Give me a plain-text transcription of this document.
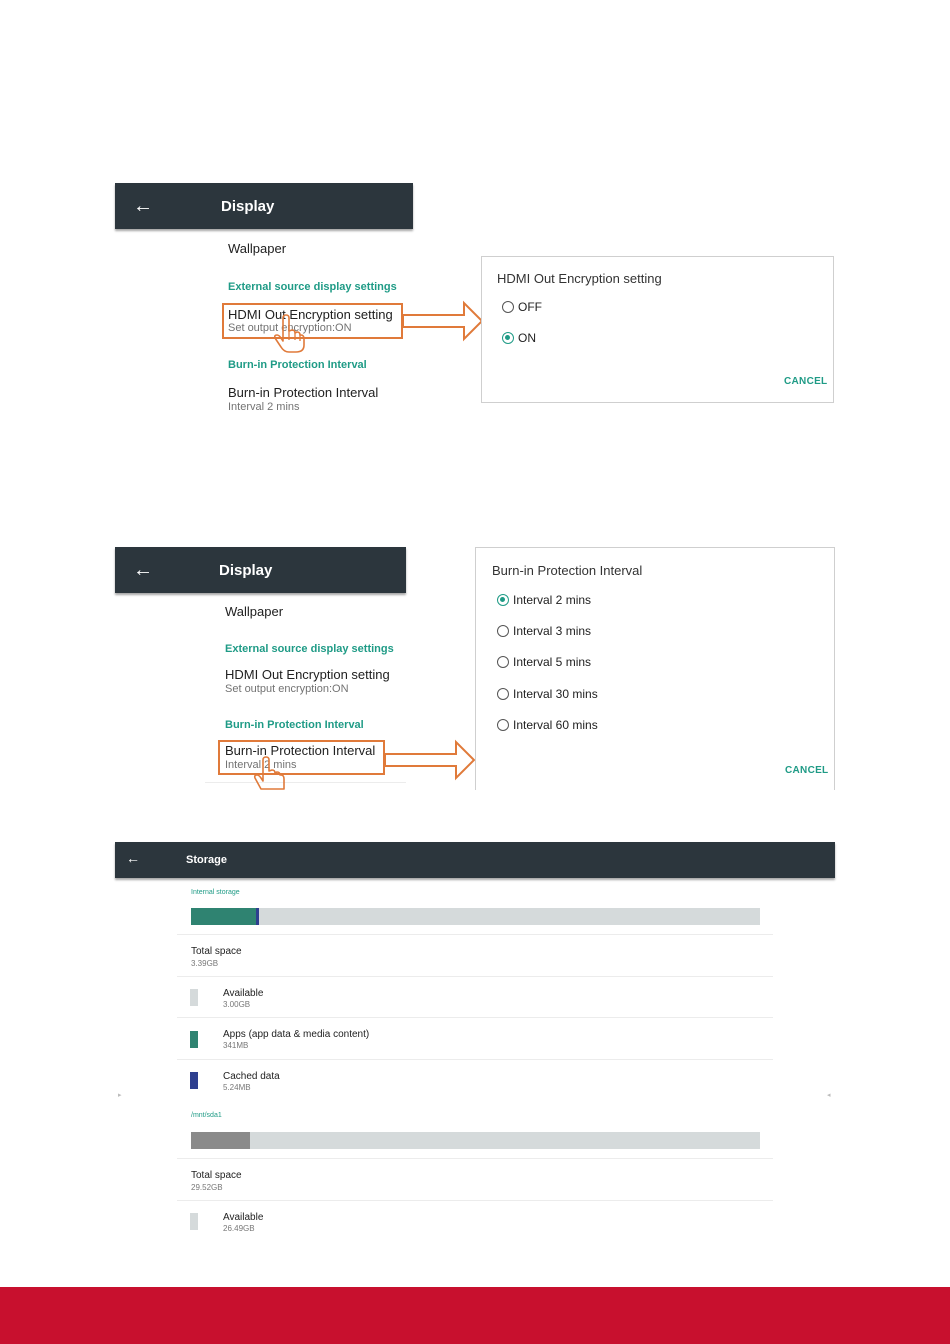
←	Display
Wallpaper
External source display settings
HDMI Out Encryption setting
Set output encryption:ON
Burn-in Protection Interval
Burn-in Protection Interval
Interval 2 mins
HDMI Out Encryption setting
OFF
ON
CANCEL
←	Display
Wallpaper
External source display settings
HDMI Out Encryption setting
Set output encryption:ON
Burn-in Protection Interval
Burn-in Protection Interval
Interval 2 mins
Burn-in Protection Interval
Interval 2 mins
Interval 3 mins
Interval 5 mins
Interval 30 mins
Interval 60 mins
CANCEL
←	Storage
Internal storage
Total space
3.39GB
Available
3.00GB
Apps (app data & media content)
341MB
Cached data
5.24MB
▸	◂
/mnt/sda1
Total space
29.52GB
Available
26.49GB
